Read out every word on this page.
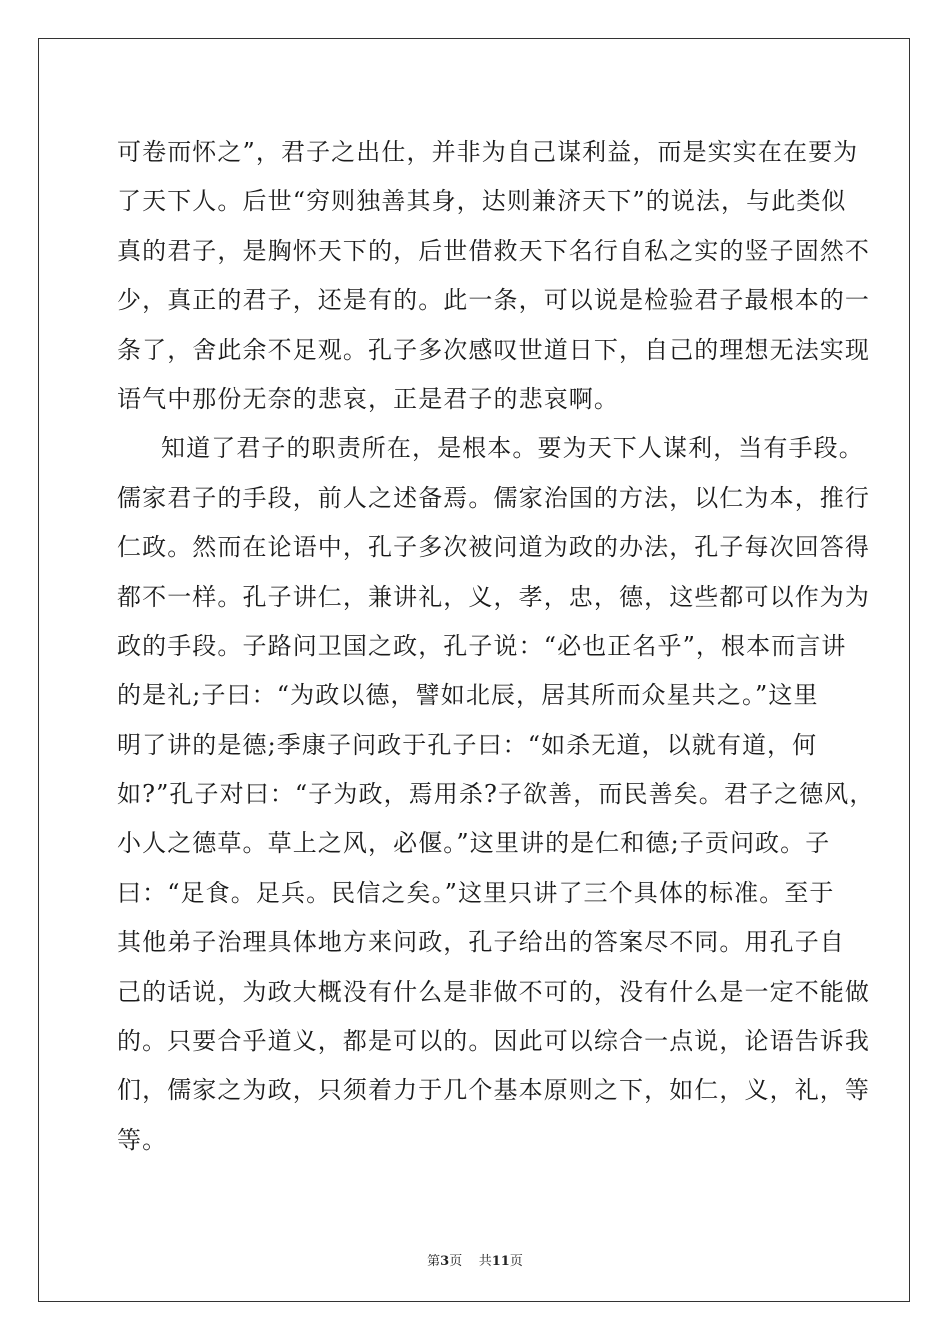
可卷而怀之”，君子之出仕，并非为自己谋利益，而是实实在在要为
了天下人。后世“穷则独善其身，达则兼济天下”的说法，与此类似
真的君子，是胸怀天下的，后世借救天下名行自私之实的竖子固然不
少，真正的君子，还是有的。此一条，可以说是检验君子最根本的一
条了，舍此余不足观。孔子多次感叹世道日下，自己的理想无法实现
语气中那份无奈的悲哀，正是君子的悲哀啊。
知道了君子的职责所在，是根本。要为天下人谋利，当有手段。
儒家君子的手段，前人之述备焉。儒家治国的方法，以仁为本，推行
仁政。然而在论语中，孔子多次被问道为政的办法，孔子每次回答得
都不一样。孔子讲仁，兼讲礼，义，孝，忠，德，这些都可以作为为
政的手段。子路问卫国之政，孔子说：“必也正名乎”，根本而言讲
的是礼;子曰：“为政以德，譬如北辰，居其所而众星共之。”这里
明了讲的是德;季康子问政于孔子曰：“如杀无道，以就有道，何
如?”孔子对曰：“子为政，焉用杀?子欲善，而民善矣。君子之德风，
小人之德草。草上之风，必偃。”这里讲的是仁和德;子贡问政。子
曰：“足食。足兵。民信之矣。”这里只讲了三个具体的标准。至于
其他弟子治理具体地方来问政，孔子给出的答案尽不同。用孔子自
己的话说，为政大概没有什么是非做不可的，没有什么是一定不能做
的。只要合乎道义，都是可以的。因此可以综合一点说，论语告诉我
们，儒家之为政，只须着力于几个基本原则之下，如仁，义，礼，等
等。
第3页 共11页
